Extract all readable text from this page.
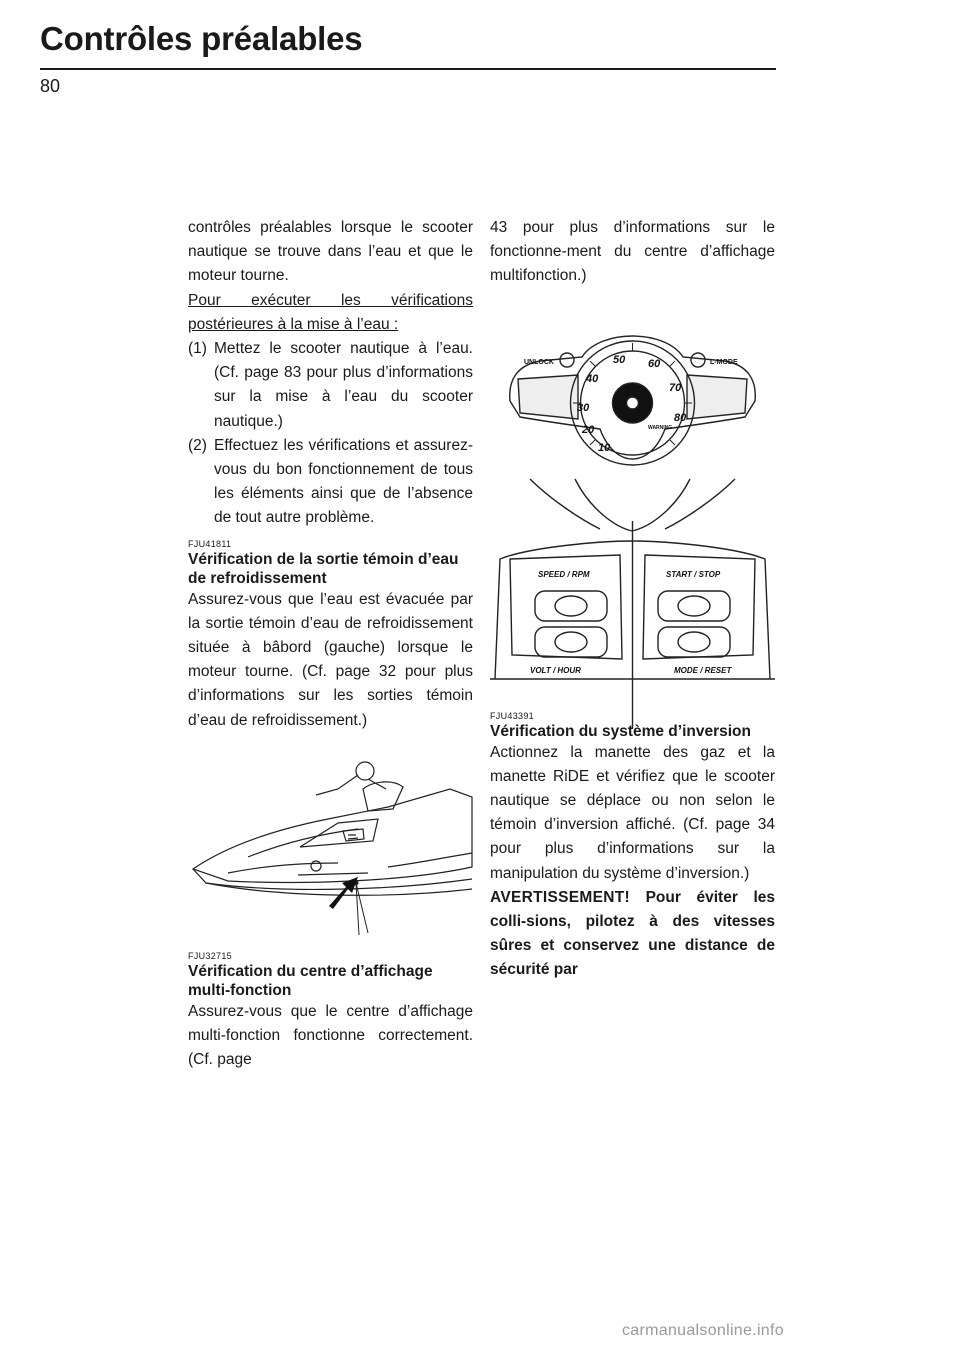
Contrôles préalables
80

contrôles préalables lorsque le scooter nautique se trouve dans l’eau et que le moteur tourne.

Pour exécuter les vérifications postérieures à la mise à l’eau :

(1) Mettez le scooter nautique à l’eau. (Cf. page 83 pour plus d’informations sur la mise à l’eau du scooter nautique.)
(2) Effectuez les vérifications et assurez-vous du bon fonctionnement de tous les éléments ainsi que de l’absence de tout autre problème.
FJU41811
Vérification de la sortie témoin d’eau de refroidissement

Assurez-vous que l’eau est évacuée par la sortie témoin d’eau de refroidissement située à bâbord (gauche) lorsque le moteur tourne. (Cf. page 32 pour plus d’informations sur les sorties témoin d’eau de refroidissement.)

FJU32715
Vérification du centre d’affichage multi-fonction

Assurez-vous que le centre d’affichage multi-fonction fonctionne correctement. (Cf. page

43 pour plus d’informations sur le fonctionne-ment du centre d’affichage multifonction.)

10
20
30
40
50 60
70
80
UNLOCK	L-MODE
WARNING
SPEED / RPM	START / STOP
VOLT / HOUR	MODE / RESET
FJU43391
Vérification du système d’inversion

Actionnez la manette des gaz et la manette RiDE et vérifiez que le scooter nautique se déplace ou non selon le témoin d’inversion affiché. (Cf. page 34 pour plus d’informations sur la manipulation du système d’inversion.)

AVERTISSEMENT! Pour éviter les colli-sions, pilotez à des vitesses sûres et conservez une distance de sécurité par

carmanualsonline.info
